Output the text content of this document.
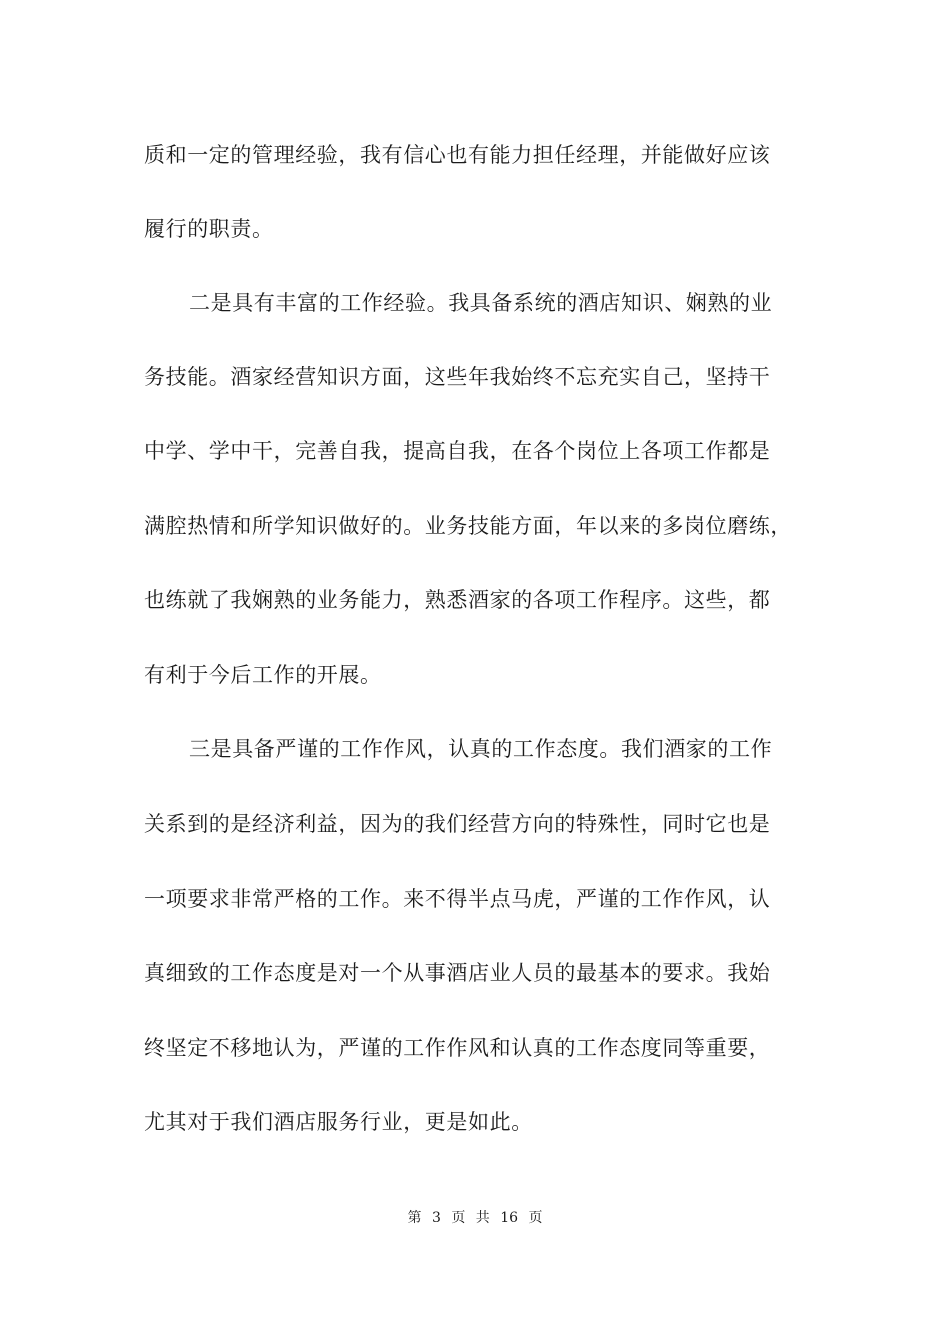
质和一定的管理经验，我有信心也有能力担任经理，并能做好应该
履行的职责。
二是具有丰富的工作经验。我具备系统的酒店知识、娴熟的业
务技能。酒家经营知识方面，这些年我始终不忘充实自己，坚持干
中学、学中干，完善自我，提高自我，在各个岗位上各项工作都是
满腔热情和所学知识做好的。业务技能方面，年以来的多岗位磨练，
也练就了我娴熟的业务能力，熟悉酒家的各项工作程序。这些，都
有利于今后工作的开展。
三是具备严谨的工作作风，认真的工作态度。我们酒家的工作
关系到的是经济利益，因为的我们经营方向的特殊性，同时它也是
一项要求非常严格的工作。来不得半点马虎，严谨的工作作风，认
真细致的工作态度是对一个从事酒店业人员的最基本的要求。我始
终坚定不移地认为，严谨的工作作风和认真的工作态度同等重要，
尤其对于我们酒店服务行业，更是如此。
第 3 页 共 16 页
